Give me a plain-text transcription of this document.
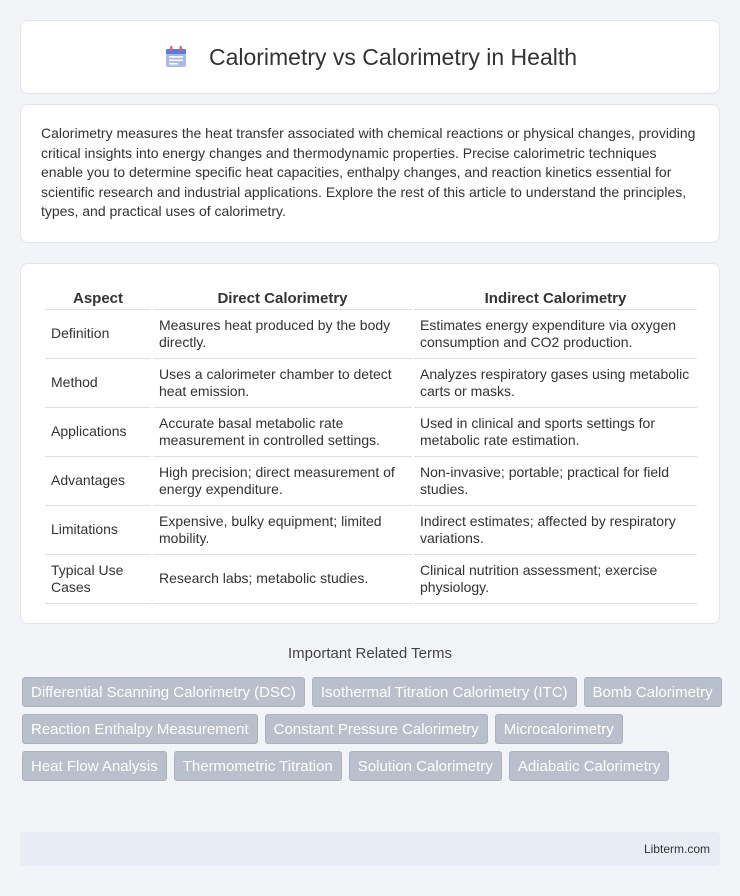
Calorimetry vs Calorimetry in Health

Calorimetry measures the heat transfer associated with chemical reactions or physical changes, providing critical insights into energy changes and thermodynamic properties. Precise calorimetric techniques enable you to determine specific heat capacities, enthalpy changes, and reaction kinetics essential for scientific research and industrial applications. Explore the rest of this article to understand the principles, types, and practical uses of calorimetry.

Aspect	Direct Calorimetry	Indirect Calorimetry
Definition	Measures heat produced by the body directly.	Estimates energy expenditure via oxygen consumption and CO2 production.
Method	Uses a calorimeter chamber to detect heat emission.	Analyzes respiratory gases using metabolic carts or masks.
Applications	Accurate basal metabolic rate measurement in controlled settings.	Used in clinical and sports settings for metabolic rate estimation.
Advantages	High precision; direct measurement of energy expenditure.	Non-invasive; portable; practical for field studies.
Limitations	Expensive, bulky equipment; limited mobility.	Indirect estimates; affected by respiratory variations.
Typical Use Cases	Research labs; metabolic studies.	Clinical nutrition assessment; exercise physiology.
Important Related Terms
Differential Scanning Calorimetry (DSC)	Isothermal Titration Calorimetry (ITC)	Bomb Calorimetry
Reaction Enthalpy Measurement	Constant Pressure Calorimetry	Microcalorimetry
Heat Flow Analysis	Thermometric Titration	Solution Calorimetry	Adiabatic Calorimetry
Libterm.com
